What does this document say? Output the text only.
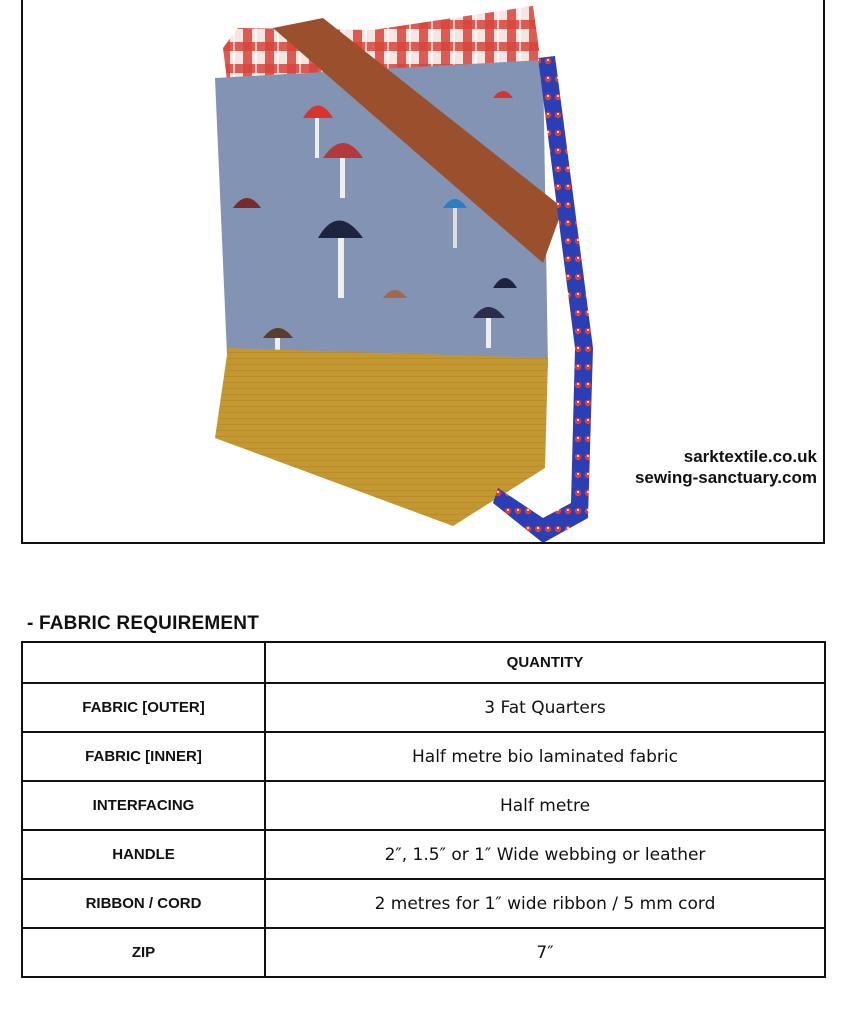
sarktextile.co.uk
sewing-sanctuary.com
- FABRIC REQUIREMENT
	QUANTITY
FABRIC [OUTER]	3 Fat Quarters
FABRIC [INNER]	Half metre bio laminated fabric
INTERFACING	Half metre
HANDLE	2″, 1.5″ or 1″ Wide webbing or leather
RIBBON / CORD	2 metres for 1″ wide ribbon / 5 mm cord
ZIP	7″
